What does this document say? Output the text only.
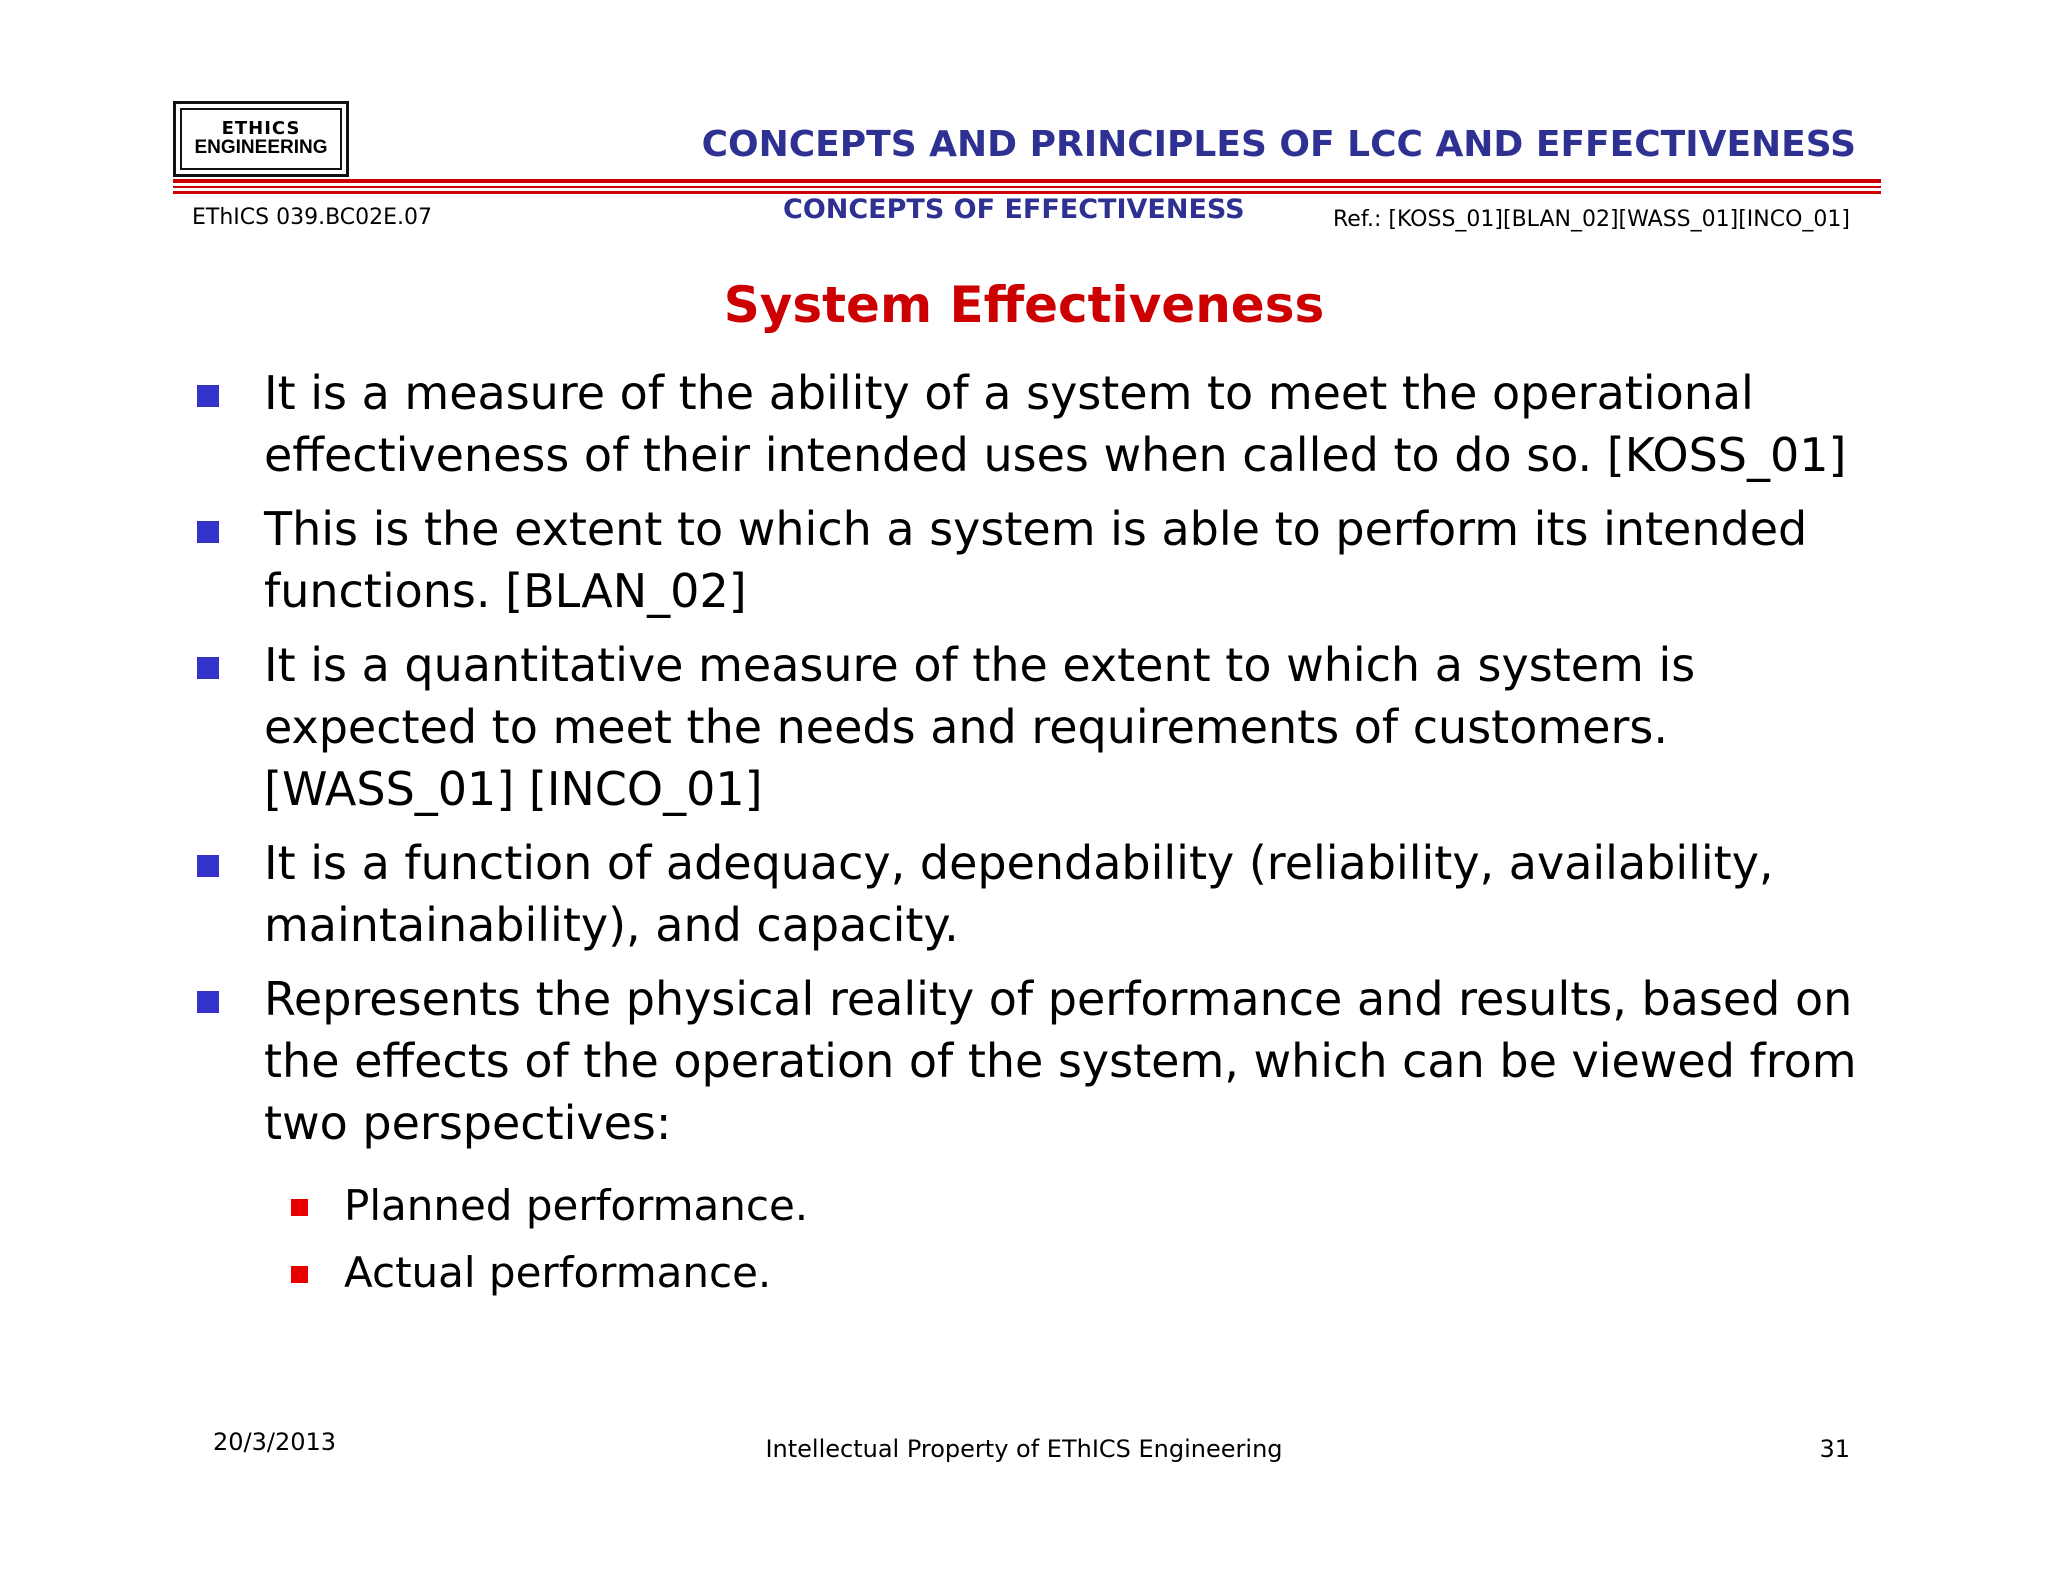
ETHICS
ENGINEERING	CONCEPTS AND PRINCIPLES OF LCC AND EFFECTIVENESS
EThICS 039.BC02E.07	CONCEPTS OF EFFECTIVENESS	Ref.: [KOSS_01][BLAN_02][WASS_01][INCO_01]
System Effectiveness
It is a measure of the ability of a system to meet the operational effectiveness of their intended uses when called to do so. [KOSS_01]
This is the extent to which a system is able to perform its intended functions. [BLAN_02]
It is a quantitative measure of the extent to which a system is expected to meet the needs and requirements of customers. [WASS_01] [INCO_01]
It is a function of adequacy, dependability (reliability, availability, maintainability), and capacity.
Represents the physical reality of performance and results, based on the effects of the operation of the system, which can be viewed from two perspectives:
Planned performance.
Actual performance.
20/3/2013	Intellectual Property of EThICS Engineering	31
